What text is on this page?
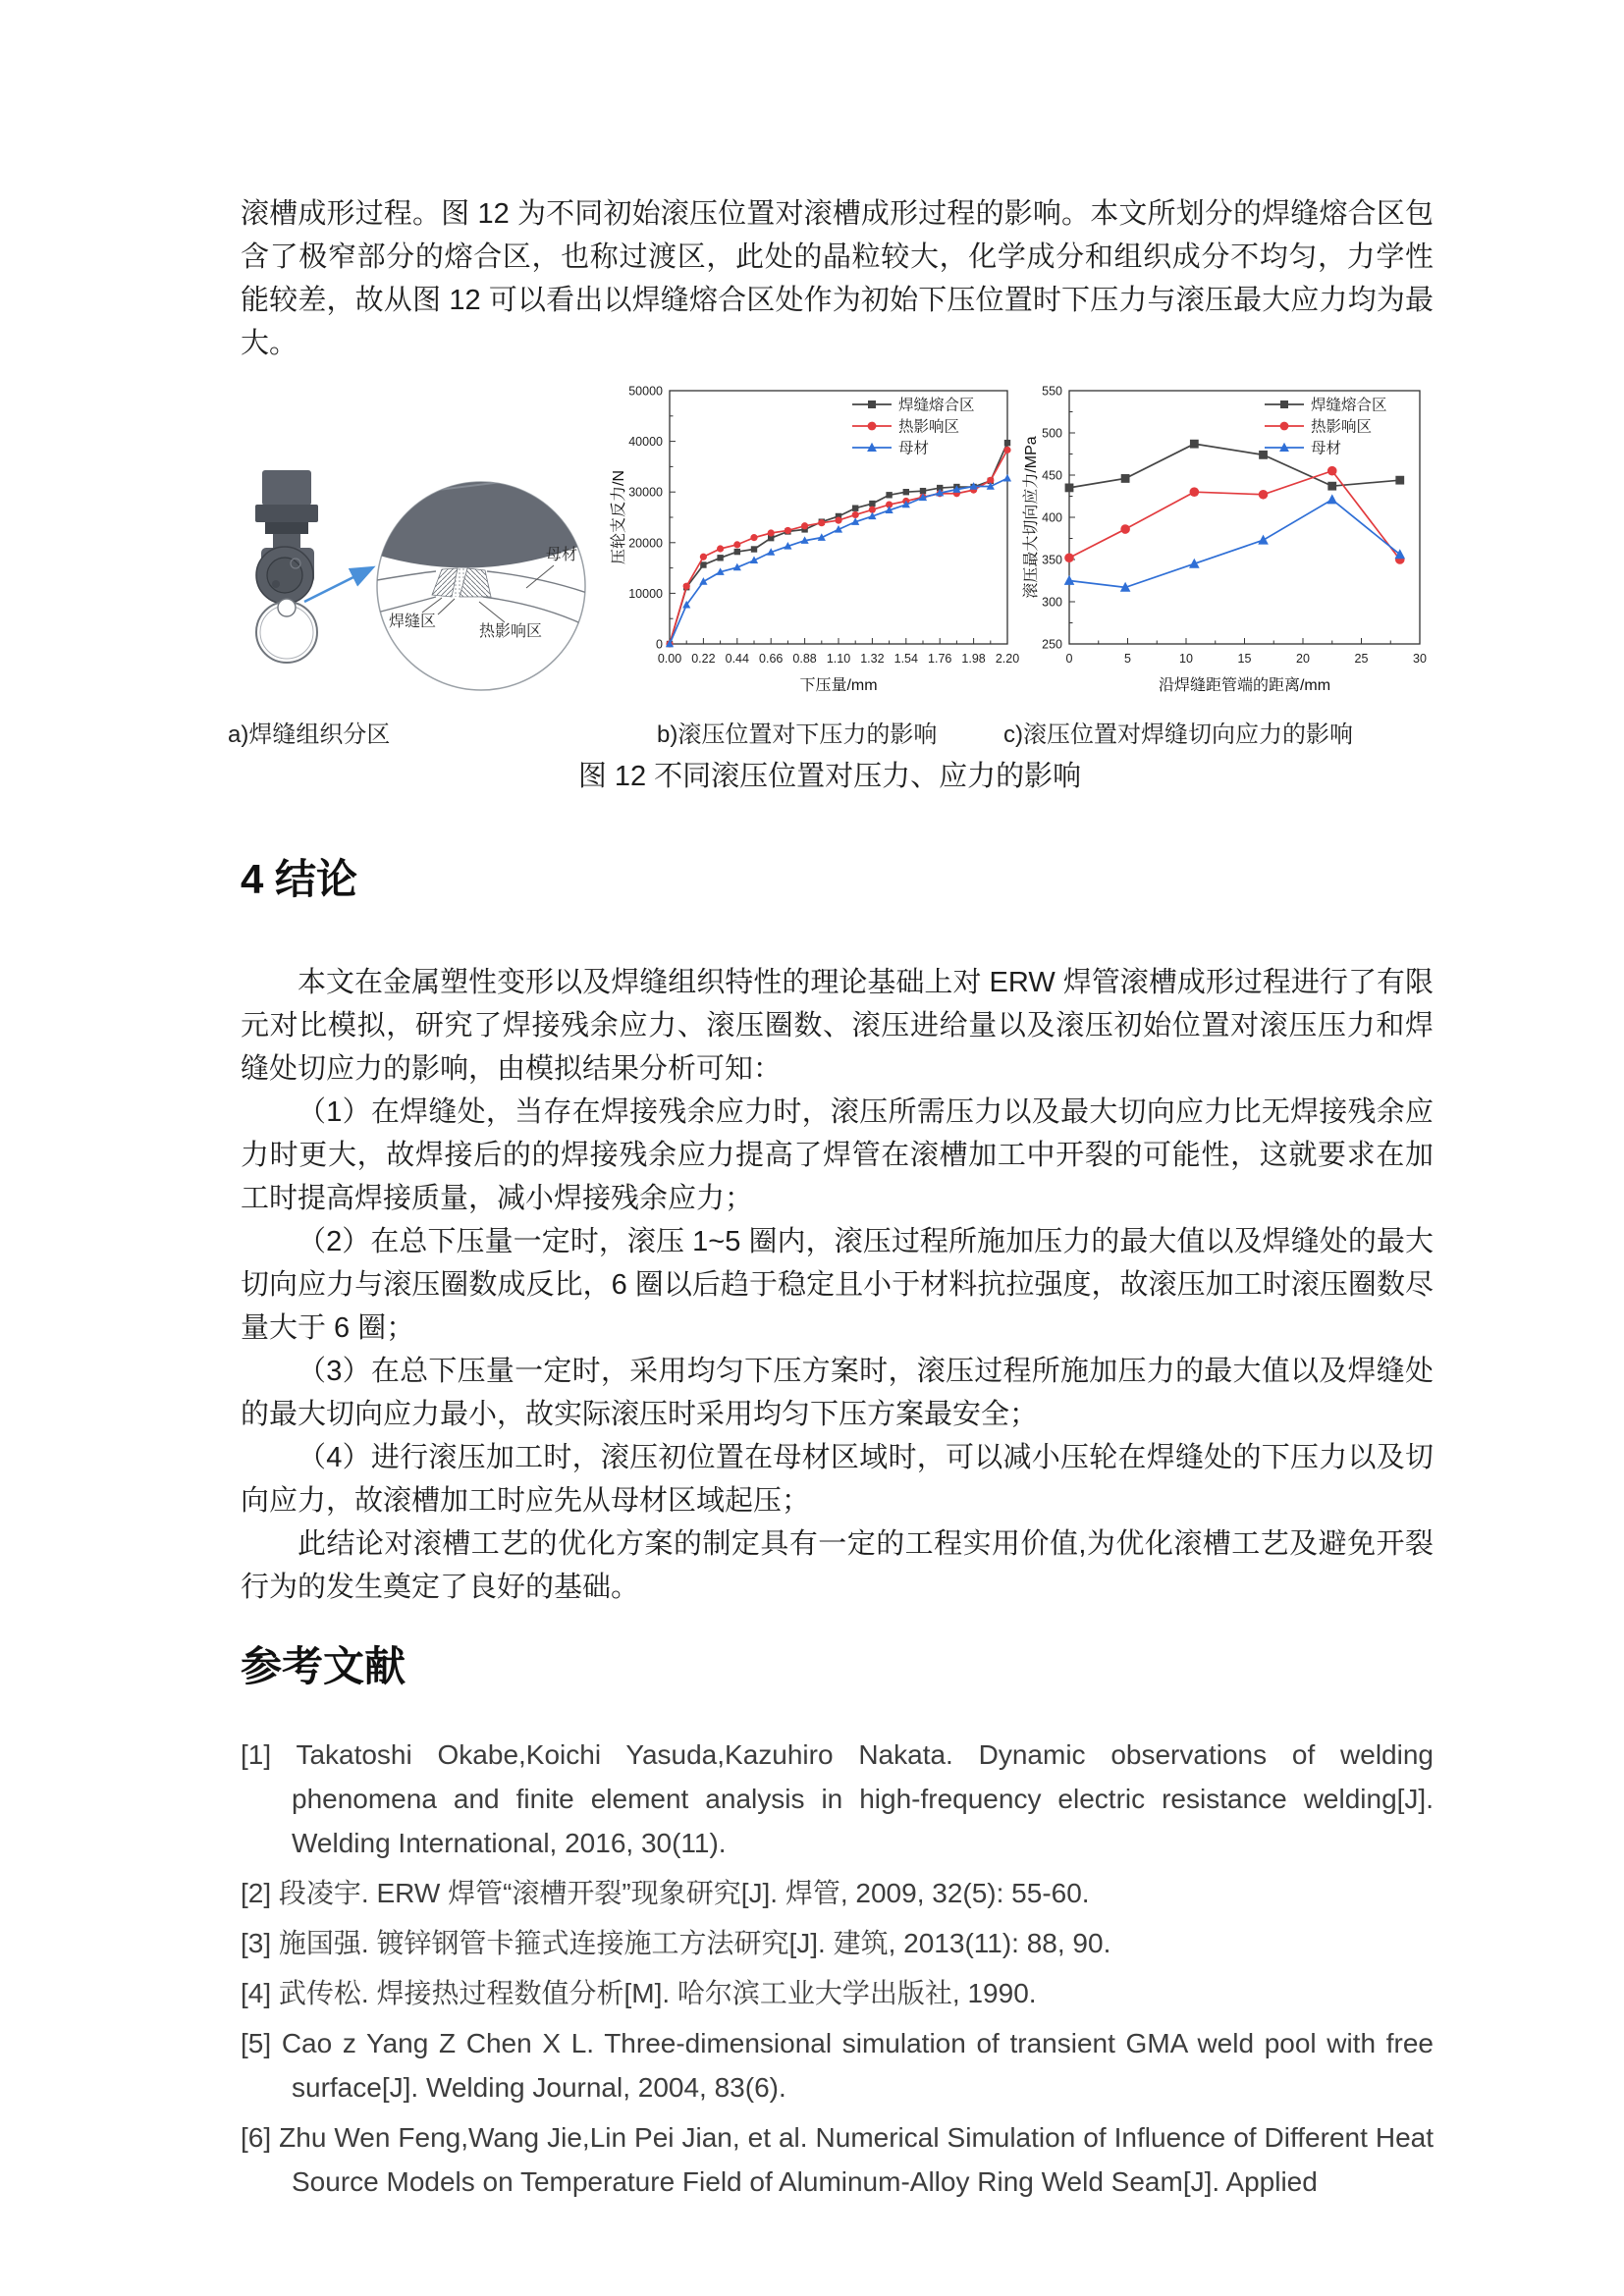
滚槽成形过程。图 12 为不同初始滚压位置对滚槽成形过程的影响。本文所划分的焊缝熔合区包含了极窄部分的熔合区，也称过渡区，此处的晶粒较大，化学成分和组织成分不均匀，力学性能较差，故从图 12 可以看出以焊缝熔合区处作为初始下压位置时下压力与滚压最大应力均为最大。

母材
焊缝区
热影响区
0.00 0.22 0.44 0.66 0.88 1.10 1.32 1.54 1.76 1.98 2.20
0
10000
20000
30000
40000
50000
下压量/mm
压轮支反力/N
焊缝熔合区
热影响区
母材
0	5	10	15	20	25	30
250
300
350
400
450
500
550
沿焊缝距管端的距离/mm
滚压最大切向应力/MPa
焊缝熔合区
热影响区
母材
a)焊缝组织分区	b)滚压位置对下压力的影响	c)滚压位置对焊缝切向应力的影响
图 12 不同滚压位置对压力、应力的影响
4 结论

本文在金属塑性变形以及焊缝组织特性的理论基础上对 ERW 焊管滚槽成形过程进行了有限元对比模拟，研究了焊接残余应力、滚压圈数、滚压进给量以及滚压初始位置对滚压压力和焊缝处切应力的影响，由模拟结果分析可知：

（1）在焊缝处，当存在焊接残余应力时，滚压所需压力以及最大切向应力比无焊接残余应力时更大，故焊接后的的焊接残余应力提高了焊管在滚槽加工中开裂的可能性，这就要求在加工时提高焊接质量，减小焊接残余应力；

（2）在总下压量一定时，滚压 1~5 圈内，滚压过程所施加压力的最大值以及焊缝处的最大切向应力与滚压圈数成反比，6 圈以后趋于稳定且小于材料抗拉强度，故滚压加工时滚压圈数尽量大于 6 圈；

（3）在总下压量一定时，采用均匀下压方案时，滚压过程所施加压力的最大值以及焊缝处的最大切向应力最小，故实际滚压时采用均匀下压方案最安全；

（4）进行滚压加工时，滚压初位置在母材区域时，可以减小压轮在焊缝处的下压力以及切向应力，故滚槽加工时应先从母材区域起压；

此结论对滚槽工艺的优化方案的制定具有一定的工程实用价值,为优化滚槽工艺及避免开裂行为的发生奠定了良好的基础。

参考文献
[1] Takatoshi Okabe,Koichi Yasuda,Kazuhiro Nakata. Dynamic observations of welding phenomena and finite element analysis in high-frequency electric resistance welding[J]. Welding International, 2016, 30(11).
[2] 段凌宇. ERW 焊管“滚槽开裂”现象研究[J]. 焊管, 2009, 32(5): 55-60.
[3] 施国强. 镀锌钢管卡箍式连接施工方法研究[J]. 建筑, 2013(11): 88, 90.
[4] 武传松. 焊接热过程数值分析[M]. 哈尔滨工业大学出版社, 1990.
[5] Cao z Yang Z Chen X L. Three-dimensional simulation of transient GMA weld pool with free surface[J]. Welding Journal, 2004, 83(6).
[6] Zhu Wen Feng,Wang Jie,Lin Pei Jian, et al. Numerical Simulation of Influence of Different Heat Source Models on Temperature Field of Aluminum-Alloy Ring Weld Seam[J]. Applied
